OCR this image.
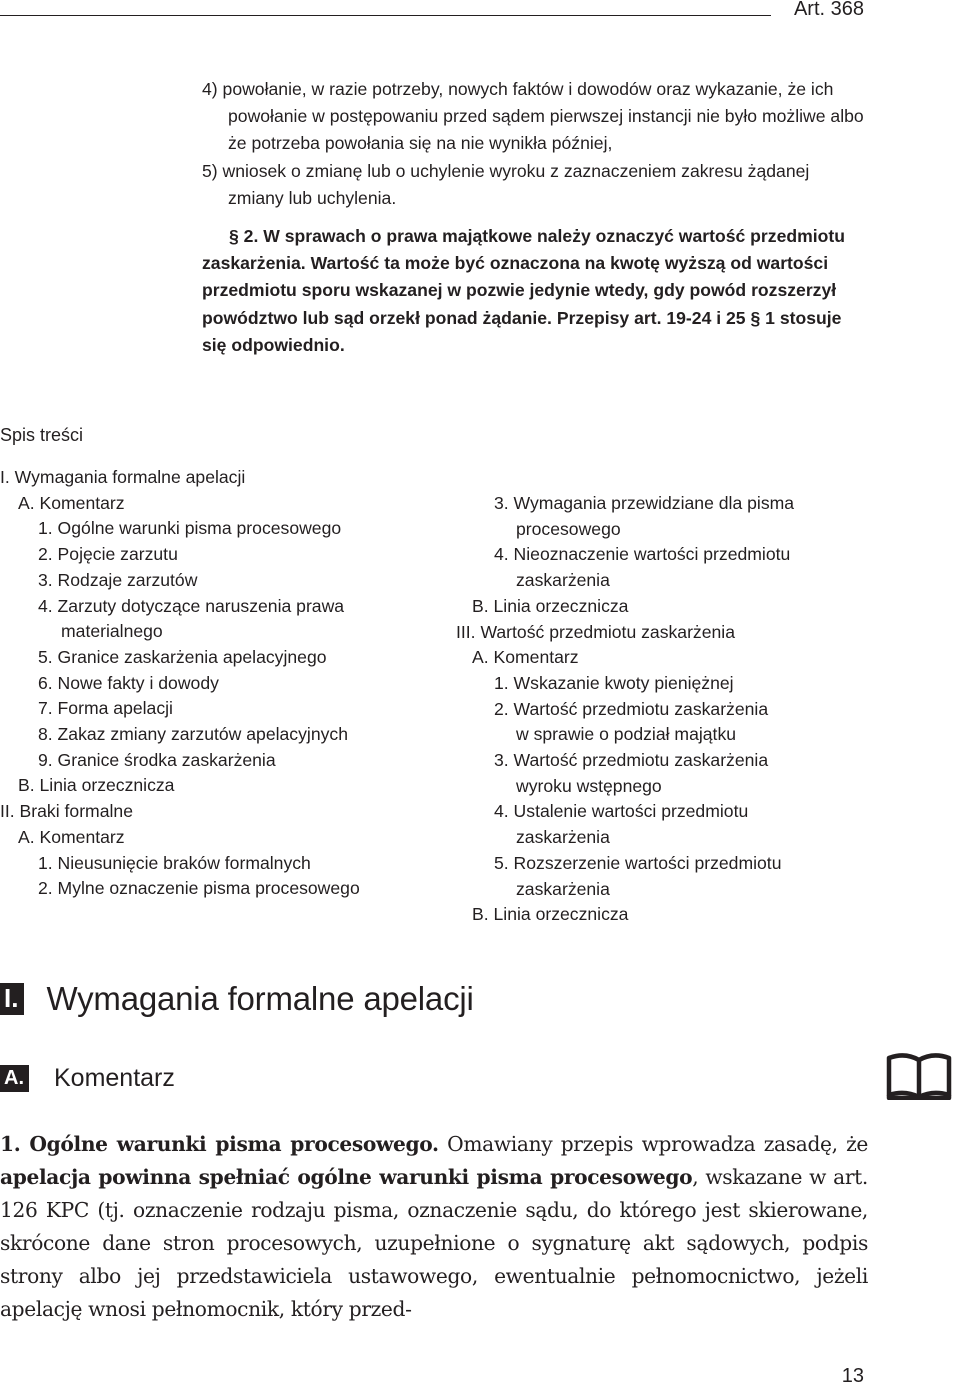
Art. 368

4) powołanie, w razie potrzeby, nowych faktów i dowodów oraz wykazanie, że ich powołanie w postępowaniu przed sądem pierwszej instancji nie było możliwe albo że potrzeba powołania się na nie wynikła później,

5) wniosek o zmianę lub o uchylenie wyroku z zaznaczeniem zakresu żądanej zmiany lub uchylenia.

§ 2. W sprawach o prawa majątkowe należy oznaczyć wartość przedmiotu zaskarżenia. Wartość ta może być oznaczona na kwotę wyższą od wartości przedmiotu sporu wskazanej w pozwie jedynie wtedy, gdy powód rozszerzył powództwo lub sąd orzekł ponad żądanie. Przepisy art. 19-24 i 25 § 1 stosuje się odpowiednio.

Spis treści
I. Wymagania formalne apelacji
A. Komentarz
1. Ogólne warunki pisma procesowego
2. Pojęcie zarzutu
3. Rodzaje zarzutów
4. Zarzuty dotyczące naruszenia prawa
materialnego
5. Granice zaskarżenia apelacyjnego
6. Nowe fakty i dowody
7. Forma apelacji
8. Zakaz zmiany zarzutów apelacyjnych
9. Granice środka zaskarżenia
B. Linia orzecznicza
II. Braki formalne
A. Komentarz
1. Nieusunięcie braków formalnych
2. Mylne oznaczenie pisma procesowego
3. Wymagania przewidziane dla pisma
procesowego
4. Nieoznaczenie wartości przedmiotu
zaskarżenia
B. Linia orzecznicza
III. Wartość przedmiotu zaskarżenia
A. Komentarz
1. Wskazanie kwoty pieniężnej
2. Wartość przedmiotu zaskarżenia
w sprawie o podział majątku
3. Wartość przedmiotu zaskarżenia
wyroku wstępnego
4. Ustalenie wartości przedmiotu
zaskarżenia
5. Rozszerzenie wartości przedmiotu
zaskarżenia
B. Linia orzecznicza
I. Wymagania formalne apelacji
A. Komentarz
1. Ogólne warunki pisma procesowego. Omawiany przepis wprowadza zasadę, że apelacja powinna spełniać ogólne warunki pisma procesowego, wskazane w art. 126 KPC (tj. oznaczenie rodzaju pisma, oznaczenie sądu, do którego jest skierowane, skrócone dane stron procesowych, uzupełnione o sygnaturę akt sądowych, podpis strony albo jej przedstawiciela ustawowego, ewentualnie pełnomocnictwo, jeżeli apelację wnosi pełnomocnik, który przed-
13
